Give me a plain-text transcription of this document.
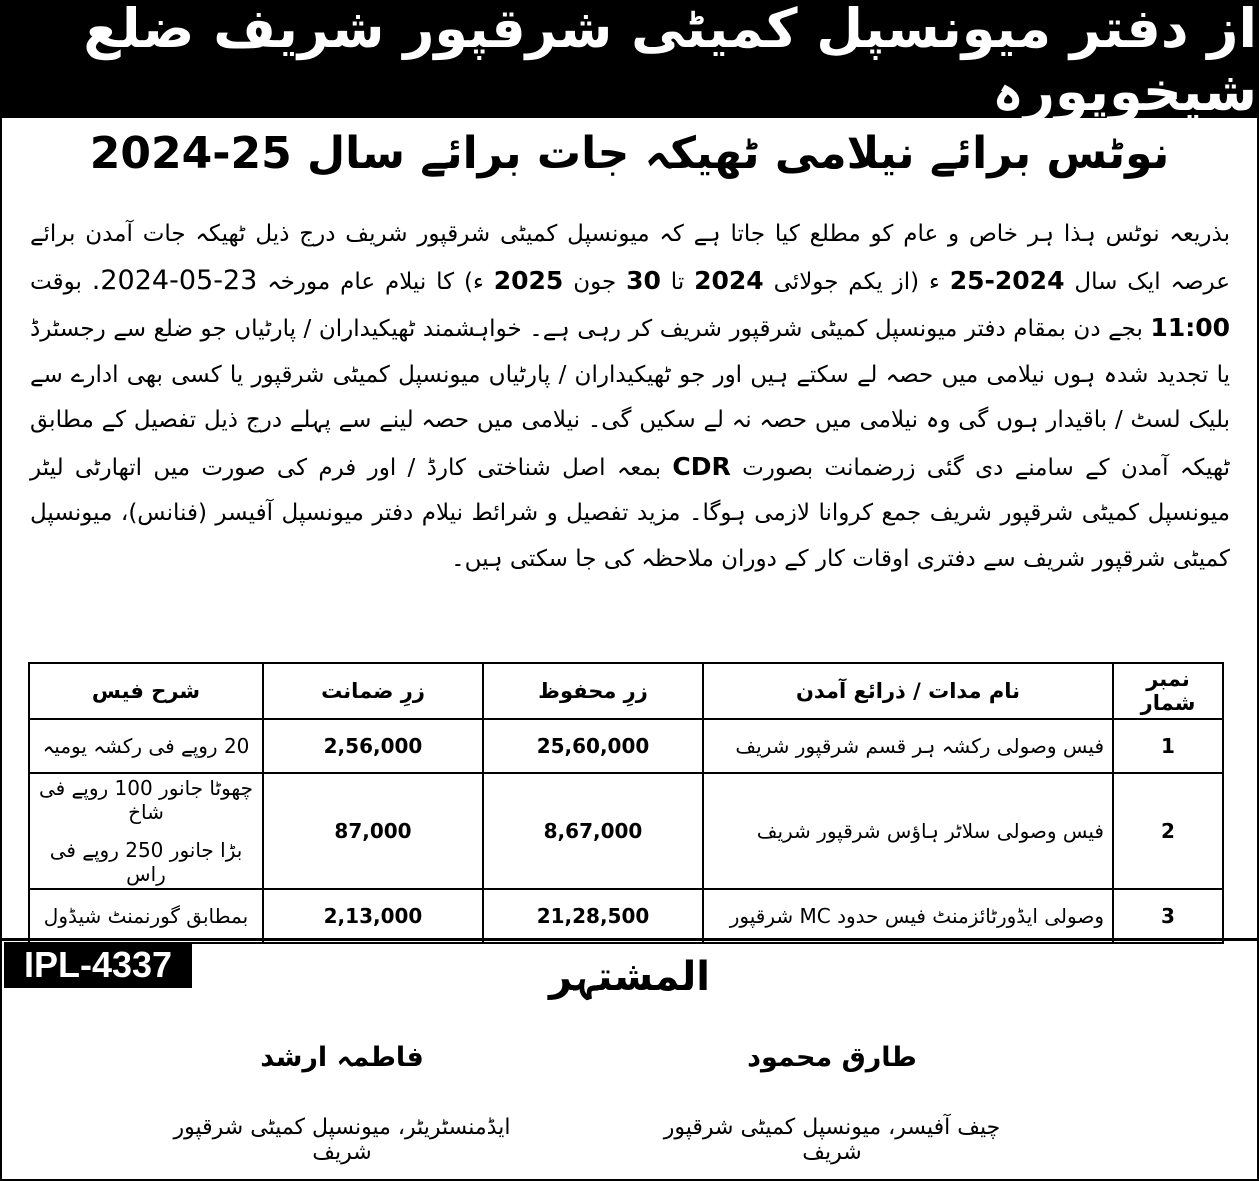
از دفتر میونسپل کمیٹی شرقپور شریف ضلع شیخوپورہ
نوٹس برائے نیلامی ٹھیکہ جات برائے سال 25-2024
بذریعہ نوٹس ہذا ہر خاص و عام کو مطلع کیا جاتا ہے کہ میونسپل کمیٹی شرقپور شریف درج ذیل ٹھیکہ جات آمدن برائے عرصہ ایک سال 2024-25 ء (از یکم جولائی 2024 تا 30 جون 2025 ء) کا نیلام عام مورخہ 23-05-2024. بوقت 11:00 بجے دن بمقام دفتر میونسپل کمیٹی شرقپور شریف کر رہی ہے۔ خواہشمند ٹھیکیداران / پارٹیاں جو ضلع سے رجسٹرڈ یا تجدید شدہ ہوں نیلامی میں حصہ لے سکتے ہیں اور جو ٹھیکیداران / پارٹیاں میونسپل کمیٹی شرقپور یا کسی بھی ادارے سے بلیک لسٹ / باقیدار ہوں گی وہ نیلامی میں حصہ نہ لے سکیں گی۔ نیلامی میں حصہ لینے سے پہلے درج ذیل تفصیل کے مطابق ٹھیکہ آمدن کے سامنے دی گئی زرضمانت بصورت CDR بمعہ اصل شناختی کارڈ / اور فرم کی صورت میں اتھارٹی لیٹر میونسپل کمیٹی شرقپور شریف جمع کروانا لازمی ہوگا۔ مزید تفصیل و شرائط نیلام دفتر میونسپل آفیسر (فنانس)، میونسپل کمیٹی شرقپور شریف سے دفتری اوقات کار کے دوران ملاحظہ کی جا سکتی ہیں۔
نمبر شمار	نام مدات / ذرائع آمدن	زرِ محفوظ	زرِ ضمانت	شرح فیس
1	فیس وصولی رکشہ ہر قسم شرقپور شریف	25,60,000	2,56,000	20 روپے فی رکشہ یومیہ

2	فیس وصولی سلاٹر ہاؤس شرقپور شریف	8,67,000	87,000	چھوٹا جانور 100 روپے فی شاخ
بڑا جانور 250 روپے فی راس

3	وصولی ایڈورٹائزمنٹ فیس حدود MC شرقپور	21,28,500	2,13,000	بمطابق گورنمنٹ شیڈول
IPL-4337	المشتہر
طارق محمود
چیف آفیسر، میونسپل کمیٹی شرقپور شریف
فاطمہ ارشد
ایڈمنسٹریٹر، میونسپل کمیٹی شرقپور شریف
